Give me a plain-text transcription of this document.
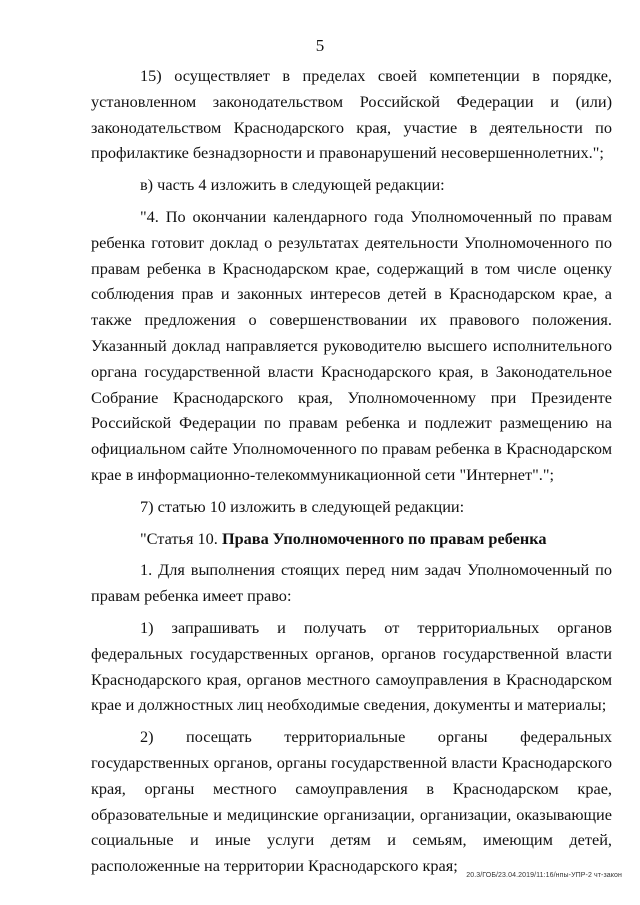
5

15) осуществляет в пределах своей компетенции в порядке, установленном законодательством Российской Федерации и (или) законодательством Краснодарского края, участие в деятельности по профилактике безнадзорности и правонарушений несовершеннолетних.";

в) часть 4 изложить в следующей редакции:

"4. По окончании календарного года Уполномоченный по правам ребенка готовит доклад о результатах деятельности Уполномоченного по правам ребенка в Краснодарском крае, содержащий в том числе оценку соблюдения прав и законных интересов детей в Краснодарском крае, а также предложения о совершенствовании их правового положения. Указанный доклад направляется руководителю высшего исполнительного органа государственной власти Краснодарского края, в Законодательное Собрание Краснодарского края, Уполномоченному при Президенте Российской Федерации по правам ребенка и подлежит размещению на официальном сайте Уполномоченного по правам ребенка в Краснодарском крае в информационно-телекоммуникационной сети "Интернет".";

7) статью 10 изложить в следующей редакции:

"Статья 10. Права Уполномоченного по правам ребенка

1. Для выполнения стоящих перед ним задач Уполномоченный по правам ребенка имеет право:

1) запрашивать и получать от территориальных органов федеральных государственных органов, органов государственной власти Краснодарского края, органов местного самоуправления в Краснодарском крае и должностных лиц необходимые сведения, документы и материалы;

2) посещать территориальные органы федеральных государственных органов, органы государственной власти Краснодарского края, органы местного самоуправления в Краснодарском крае, образовательные и медицинские организации, организации, оказывающие социальные и иные услуги детям и семьям, имеющим детей, расположенные на территории Краснодарского края;

20.3/ГОБ/23.04.2019/11:16/нпы-УПР-2 чт-закон
